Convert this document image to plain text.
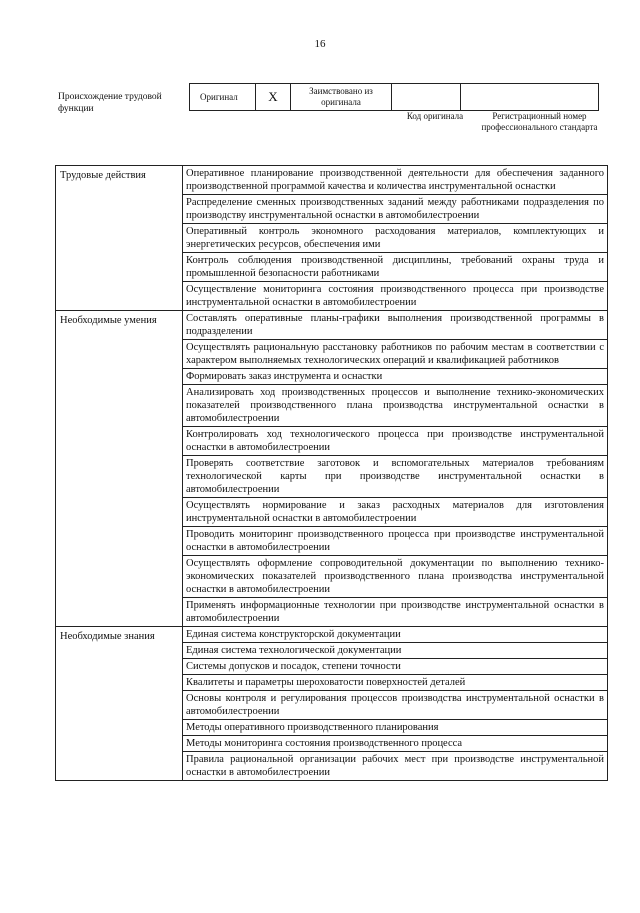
16
Происхождение трудовой функции
Оригинал	X	Заимствовано из оригинала		
Код оригинала	Регистрационный номер профессионального стандарта
Трудовые действия	Оперативное планирование производственной деятельности для обеспечения заданного производственной программой качества и количества инструментальной оснастки
	Распределение сменных производственных заданий между работниками подразделения по производству инструментальной оснастки в автомобилестроении
	Оперативный контроль экономного расходования материалов, комплектующих и энергетических ресурсов, обеспечения ими
	Контроль соблюдения производственной дисциплины, требований охраны труда и промышленной безопасности работниками
	Осуществление мониторинга состояния производственного процесса при производстве инструментальной оснастки в автомобилестроении
Необходимые умения	Составлять оперативные планы-графики выполнения производственной программы в подразделении
	Осуществлять рациональную расстановку работников по рабочим местам в соответствии с характером выполняемых технологических операций и квалификацией работников
	Формировать заказ инструмента и оснастки
	Анализировать ход производственных процессов и выполнение технико-экономических показателей производственного плана производства инструментальной оснастки в автомобилестроении
	Контролировать ход технологического процесса при производстве инструментальной оснастки в автомобилестроении
	Проверять соответствие заготовок и вспомогательных материалов требованиям технологической карты при производстве инструментальной оснастки в автомобилестроении
	Осуществлять нормирование и заказ расходных материалов для изготовления инструментальной оснастки в автомобилестроении
	Проводить мониторинг производственного процесса при производстве инструментальной оснастки в автомобилестроении
	Осуществлять оформление сопроводительной документации по выполнению технико-экономических показателей производственного плана производства инструментальной оснастки в автомобилестроении
	Применять информационные технологии при производстве инструментальной оснастки в автомобилестроении
Необходимые знания	Единая система конструкторской документации
	Единая система технологической документации
	Системы допусков и посадок, степени точности
	Квалитеты и параметры шероховатости поверхностей деталей
	Основы контроля и регулирования процессов производства инструментальной оснастки в автомобилестроении
	Методы оперативного производственного планирования
	Методы мониторинга состояния производственного процесса
	Правила рациональной организации рабочих мест при производстве инструментальной оснастки в автомобилестроении
